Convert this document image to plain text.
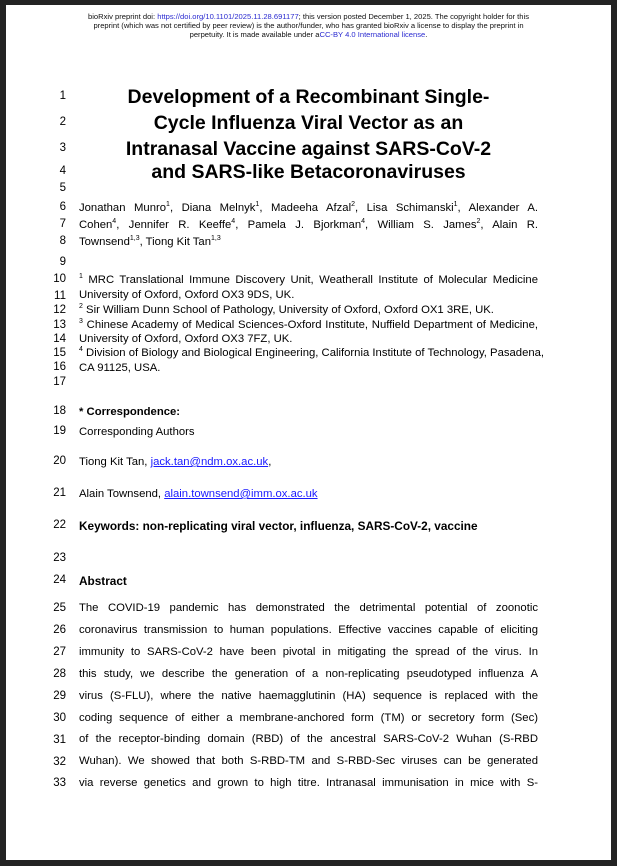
bioRxiv preprint doi: https://doi.org/10.1101/2025.11.28.691177; this version posted December 1, 2025. The copyright holder for this
preprint (which was not certified by peer review) is the author/funder, who has granted bioRxiv a license to display the preprint in
perpetuity. It is made available under aCC-BY 4.0 International license.
1
2
3
4
5
6
7
8
9
10
11
12
13
14
15
16
17
18
19
20
21
22
23
24
25
26
27
28
29
30
31
32
33
Development of a Recombinant Single-
Cycle Influenza Viral Vector as an
Intranasal Vaccine against SARS-CoV-2
and SARS-like Betacoronaviruses
Jonathan Munro$^1$, Diana Melnyk$^1$, Madeeha Afzal$^2$, Lisa Schimanski$^1$, Alexander A.
Cohen$^4$, Jennifer R. Keeffe$^4$, Pamela J. Bjorkman$^4$, William S. James$^2$, Alain R.
Townsend$^{1,3}$, Tiong Kit Tan$^{1,3}$
$^1$ MRC Translational Immune Discovery Unit, Weatherall Institute of Molecular Medicine
University of Oxford, Oxford OX3 9DS, UK.
$^2$ Sir William Dunn School of Pathology, University of Oxford, Oxford OX1 3RE, UK.
$^3$ Chinese Academy of Medical Sciences-Oxford Institute, Nuffield Department of Medicine,
University of Oxford, Oxford OX3 7FZ, UK.
$^4$ Division of Biology and Biological Engineering, California Institute of Technology, Pasadena,
CA 91125, USA.
* Correspondence:
Corresponding Authors
Tiong Kit Tan, jack.tan@ndm.ox.ac.uk,
Alain Townsend, alain.townsend@imm.ox.ac.uk
Keywords: non-replicating viral vector, influenza, SARS-CoV-2, vaccine
Abstract
The COVID-19 pandemic has demonstrated the detrimental potential of zoonotic
coronavirus transmission to human populations. Effective vaccines capable of eliciting
immunity to SARS-CoV-2 have been pivotal in mitigating the spread of the virus. In
this study, we describe the generation of a non-replicating pseudotyped influenza A
virus (S-FLU), where the native haemagglutinin (HA) sequence is replaced with the
coding sequence of either a membrane-anchored form (TM) or secretory form (Sec)
of the receptor-binding domain (RBD) of the ancestral SARS-CoV-2 Wuhan (S-RBD
Wuhan). We showed that both S-RBD-TM and S-RBD-Sec viruses can be generated
via reverse genetics and grown to high titre. Intranasal immunisation in mice with S-
